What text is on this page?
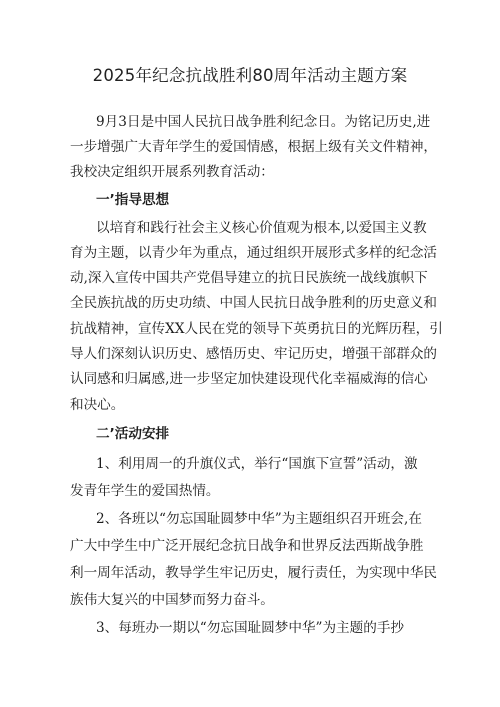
2025年纪念抗战胜利80周年活动主题方案
9月3日是中国人民抗日战争胜利纪念日。为铭记历史,进
一步增强广大青年学生的爱国情感，根据上级有关文件精神，
我校决定组织开展系列教育活动：
一’指导思想
以培育和践行社会主义核心价值观为根本,以爱国主义教
育为主题，以青少年为重点，通过组织开展形式多样的纪念活
动,深入宣传中国共产党倡导建立的抗日民族统一战线旗帜下
全民族抗战的历史功绩、中国人民抗日战争胜利的历史意义和
抗战精神，宣传XX人民在党的领导下英勇抗日的光辉历程，引
导人们深刻认识历史、感悟历史、牢记历史，增强干部群众的
认同感和归属感,进一步坚定加快建设现代化幸福威海的信心
和决心。
二’活动安排
1、利用周一的升旗仪式，举行“国旗下宣誓”活动，激
发青年学生的爱国热情。
2、各班以“勿忘国耻圆梦中华”为主题组织召开班会,在
广大中学生中广泛开展纪念抗日战争和世界反法西斯战争胜
利一周年活动，教导学生牢记历史，履行责任，为实现中华民
族伟大复兴的中国梦而努力奋斗。
3、每班办一期以“勿忘国耻圆梦中华”为主题的手抄
